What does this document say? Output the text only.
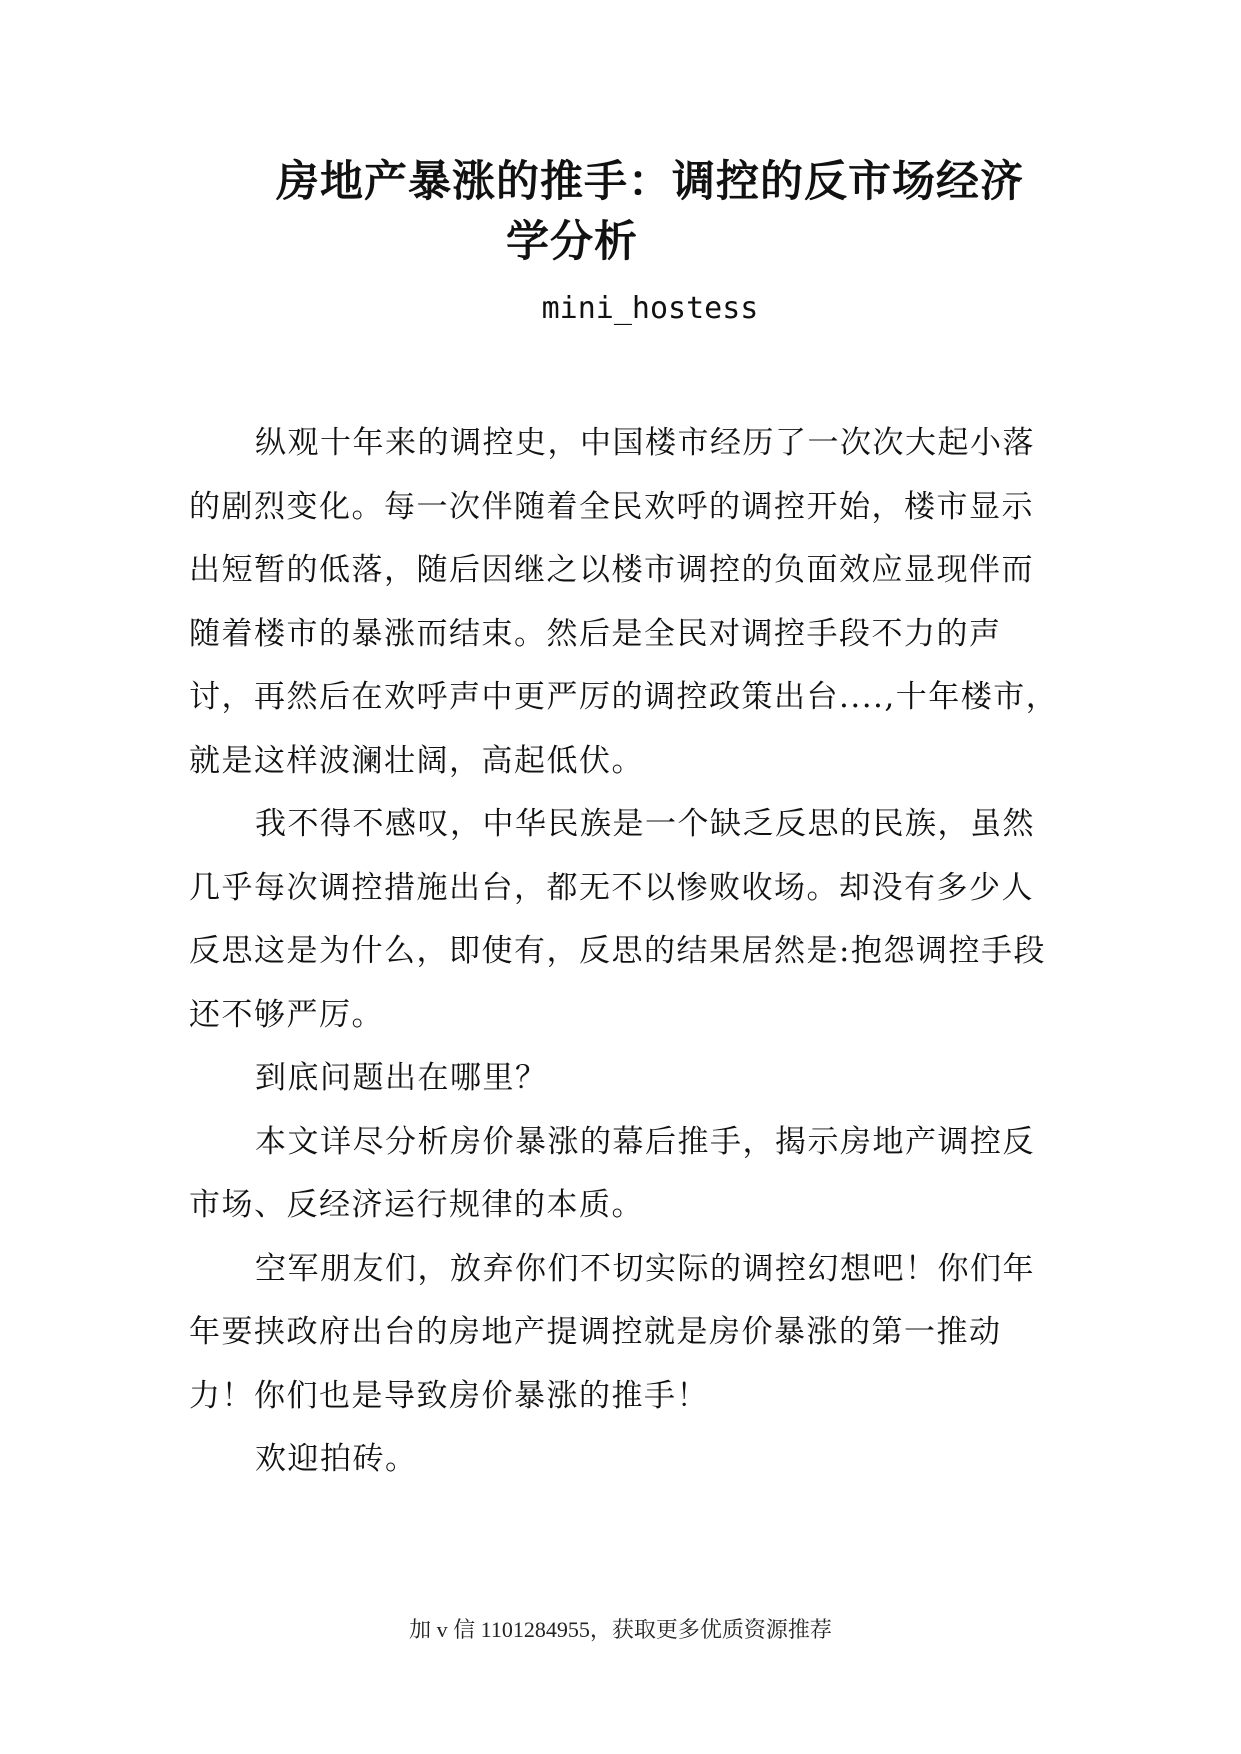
房地产暴涨的推手：调控的反市场经济
学分析
mini_hostess

纵观十年来的调控史，中国楼市经历了一次次大起小落的剧烈变化。每一次伴随着全民欢呼的调控开始，楼市显示出短暂的低落，随后因继之以楼市调控的负面效应显现伴而随着楼市的暴涨而结束。然后是全民对调控手段不力的声讨，再然后在欢呼声中更严厉的调控政策出台....,十年楼市，就是这样波澜壮阔，高起低伏。

我不得不感叹，中华民族是一个缺乏反思的民族，虽然几乎每次调控措施出台，都无不以惨败收场。却没有多少人反思这是为什么，即使有，反思的结果居然是:抱怨调控手段还不够严厉。

到底问题出在哪里？

本文详尽分析房价暴涨的幕后推手，揭示房地产调控反市场、反经济运行规律的本质。

空军朋友们，放弃你们不切实际的调控幻想吧！你们年年要挟政府出台的房地产提调控就是房价暴涨的第一推动力！你们也是导致房价暴涨的推手！

欢迎拍砖。

加 v 信 1101284955，获取更多优质资源推荐
